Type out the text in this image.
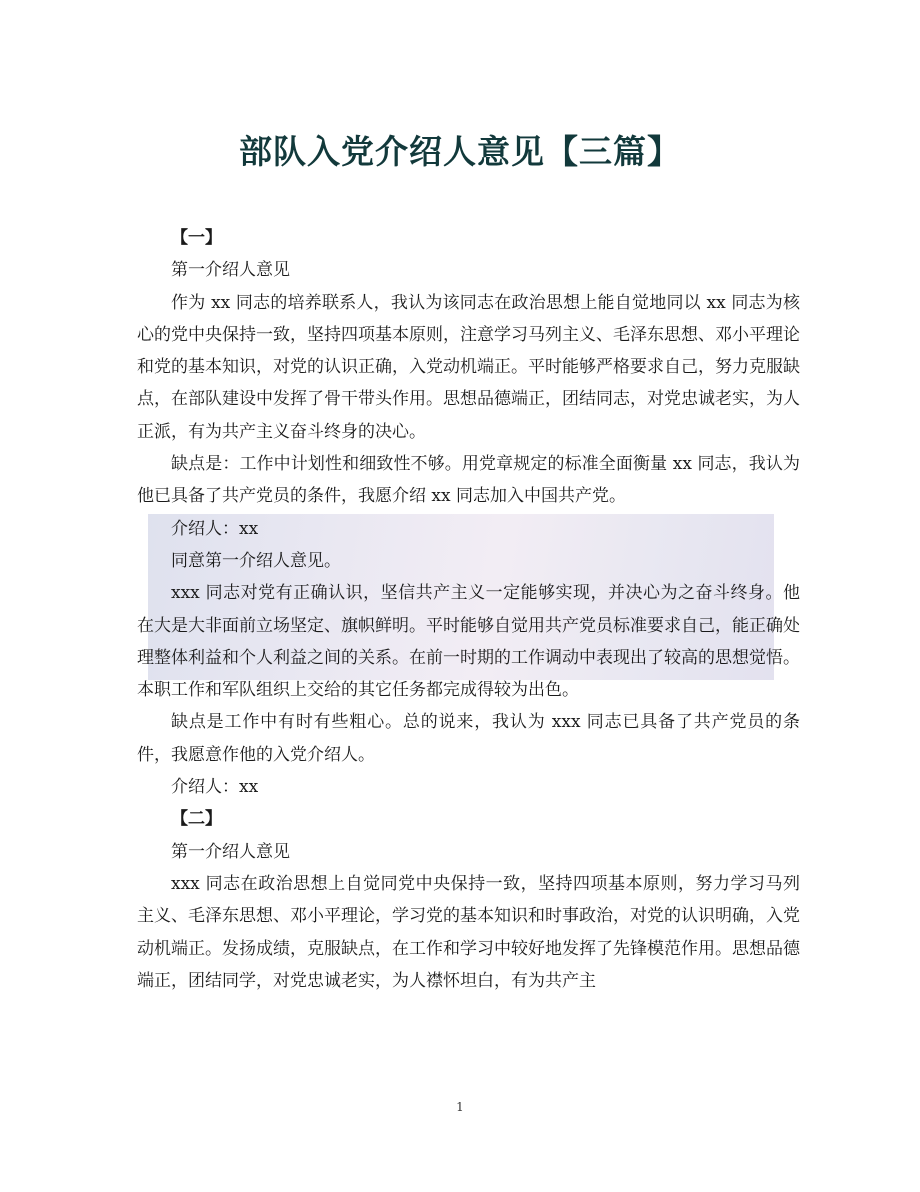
部队入党介绍人意见【三篇】

【一】

第一介绍人意见

作为 xx 同志的培养联系人，我认为该同志在政治思想上能自觉地同以 xx 同志为核心的党中央保持一致，坚持四项基本原则，注意学习马列主义、毛泽东思想、邓小平理论和党的基本知识，对党的认识正确，入党动机端正。平时能够严格要求自己，努力克服缺点，在部队建设中发挥了骨干带头作用。思想品德端正，团结同志，对党忠诚老实，为人正派，有为共产主义奋斗终身的决心。

缺点是：工作中计划性和细致性不够。用党章规定的标准全面衡量 xx 同志，我认为他已具备了共产党员的条件，我愿介绍 xx 同志加入中国共产党。

介绍人：xx

同意第一介绍人意见。

xxx 同志对党有正确认识，坚信共产主义一定能够实现，并决心为之奋斗终身。他在大是大非面前立场坚定、旗帜鲜明。平时能够自觉用共产党员标准要求自己，能正确处理整体利益和个人利益之间的关系。在前一时期的工作调动中表现出了较高的思想觉悟。本职工作和军队组织上交给的其它任务都完成得较为出色。

缺点是工作中有时有些粗心。总的说来，我认为 xxx 同志已具备了共产党员的条件，我愿意作他的入党介绍人。

介绍人：xx

【二】

第一介绍人意见

xxx 同志在政治思想上自觉同党中央保持一致，坚持四项基本原则，努力学习马列主义、毛泽东思想、邓小平理论，学习党的基本知识和时事政治，对党的认识明确，入党动机端正。发扬成绩，克服缺点，在工作和学习中较好地发挥了先锋模范作用。思想品德端正，团结同学，对党忠诚老实，为人襟怀坦白，有为共产主

1
